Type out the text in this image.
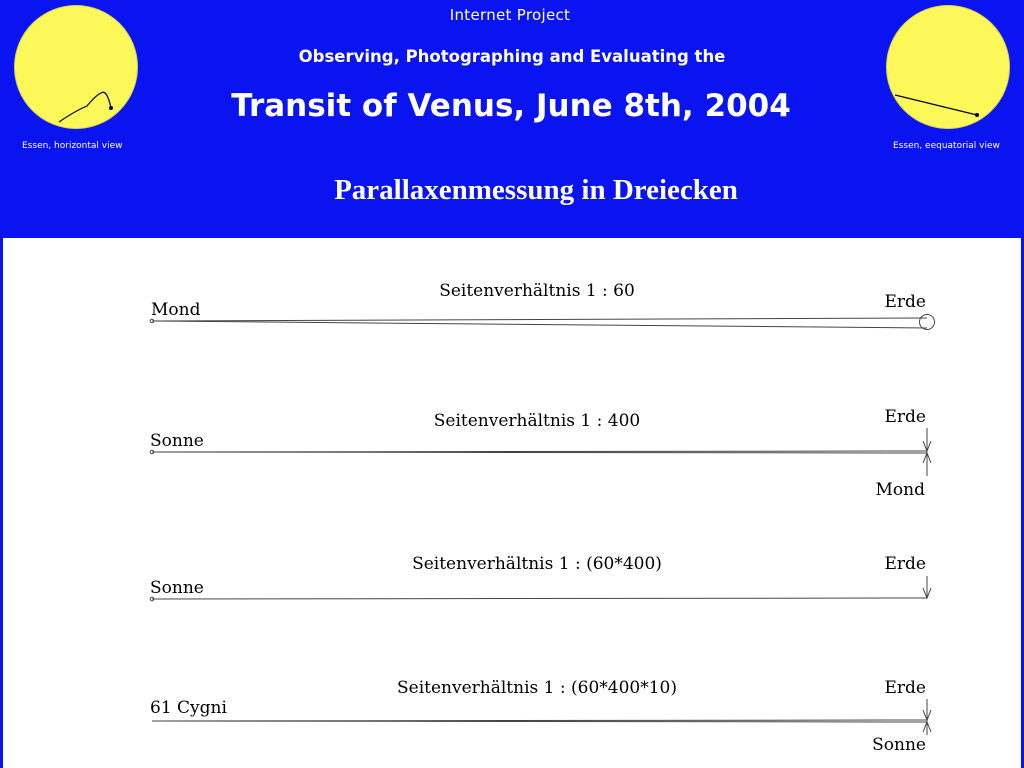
Essen, horizontal view	Essen, eequatorial view
Internet Project
Observing, Photographing and Evaluating the
Transit of Venus, June 8th, 2004
Parallaxenmessung in Dreiecken
Seitenverhältnis 1 : 60
Mond	Erde
Seitenverhältnis 1 : 400
Sonne
Erde
Mond
Seitenverhältnis 1 : (60*400)
Sonne
Erde
Seitenverhältnis 1 : (60*400*10)
61 Cygni
Erde
Sonne
